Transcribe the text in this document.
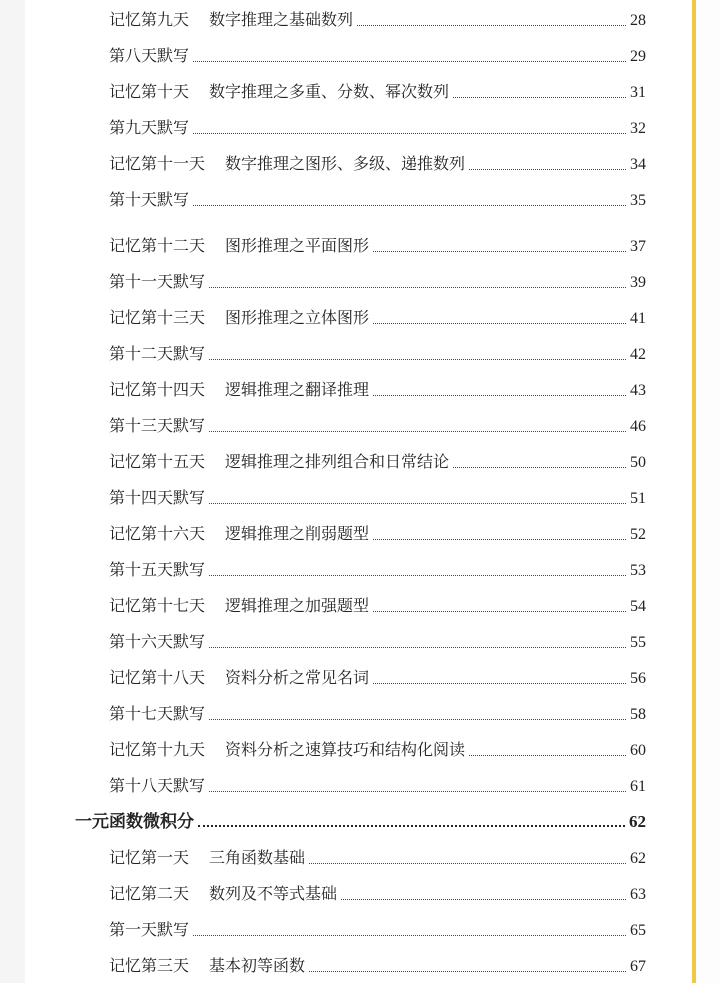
记忆第九天 数字推理之基础数列	28
第八天默写	29
记忆第十天 数字推理之多重、分数、幂次数列	31
第九天默写	32
记忆第十一天 数字推理之图形、多级、递推数列	34
第十天默写	35
记忆第十二天 图形推理之平面图形	37
第十一天默写	39
记忆第十三天 图形推理之立体图形	41
第十二天默写	42
记忆第十四天 逻辑推理之翻译推理	43
第十三天默写	46
记忆第十五天 逻辑推理之排列组合和日常结论	50
第十四天默写	51
记忆第十六天 逻辑推理之削弱题型	52
第十五天默写	53
记忆第十七天 逻辑推理之加强题型	54
第十六天默写	55
记忆第十八天 资料分析之常见名词	56
第十七天默写	58
记忆第十九天 资料分析之速算技巧和结构化阅读	60
第十八天默写	61
一元函数微积分	62
记忆第一天 三角函数基础	62
记忆第二天 数列及不等式基础	63
第一天默写	65
记忆第三天 基本初等函数	67
